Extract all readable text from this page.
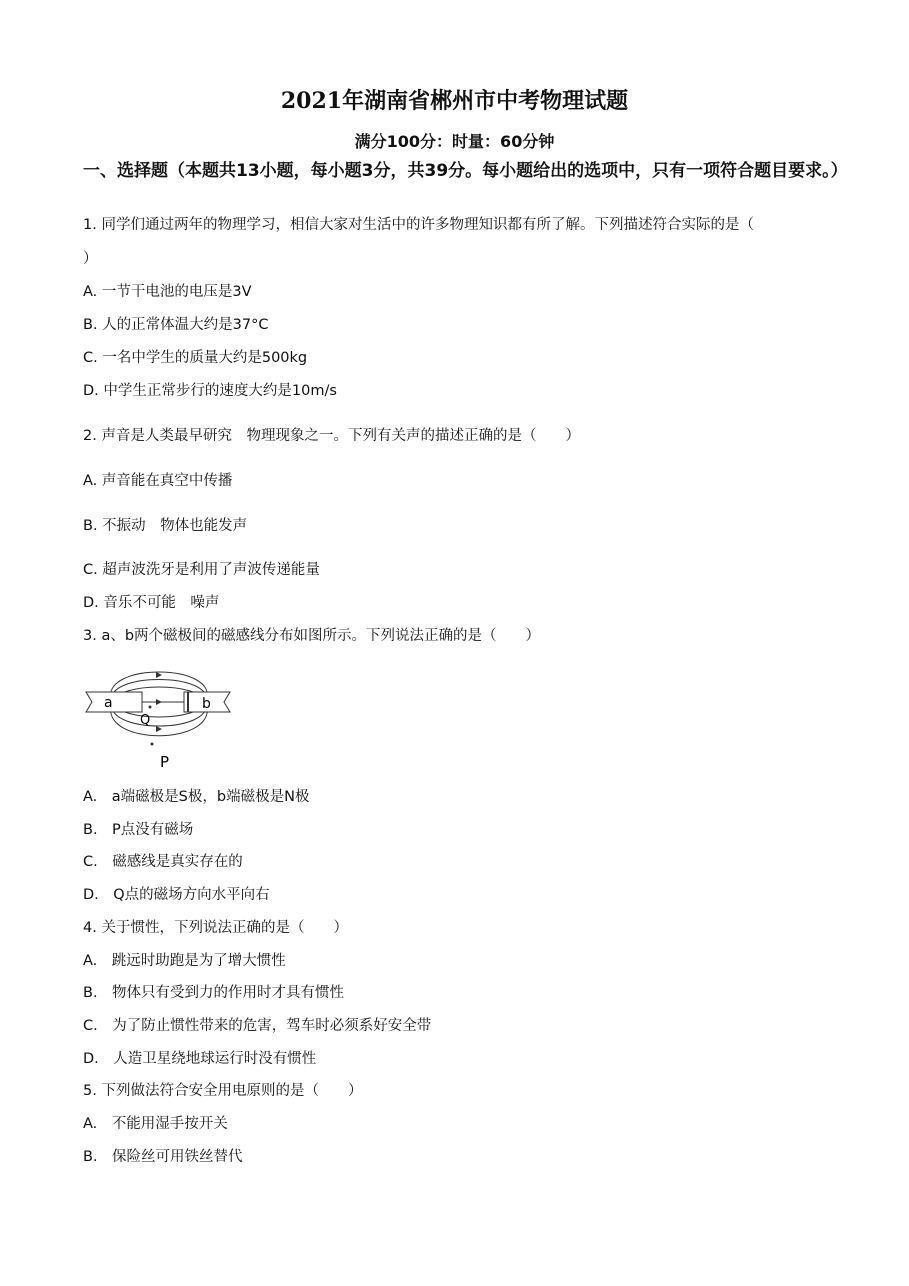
2021年湖南省郴州市中考物理试题
满分100分：时量：60分钟
一、选择题（本题共13小题，每小题3分，共39分。每小题给出的选项中，只有一项符合题目要求。）
1. 同学们通过两年的物理学习，相信大家对生活中的许多物理知识都有所了解。下列描述符合实际的是（
）
A. 一节干电池的电压是3V
B. 人的正常体温大约是37°C
C. 一名中学生的质量大约是500kg
D. 中学生正常步行的速度大约是10m/s
2. 声音是人类最早研究　物理现象之一。下列有关声的描述正确的是（　　）
A. 声音能在真空中传播
B. 不振动　物体也能发声
C. 超声波洗牙是利用了声波传递能量
D. 音乐不可能　噪声
3. a、b两个磁极间的磁感线分布如图所示。下列说法正确的是（　　）
a	b
Q
P
A.　a端磁极是S极，b端磁极是N极
B.　P点没有磁场
C.　磁感线是真实存在的
D.　Q点的磁场方向水平向右
4. 关于惯性，下列说法正确的是（　　）
A.　跳远时助跑是为了增大惯性
B.　物体只有受到力的作用时才具有惯性
C.　为了防止惯性带来的危害，驾车时必须系好安全带
D.　人造卫星绕地球运行时没有惯性
5. 下列做法符合安全用电原则的是（　　）
A.　不能用湿手按开关
B.　保险丝可用铁丝替代
